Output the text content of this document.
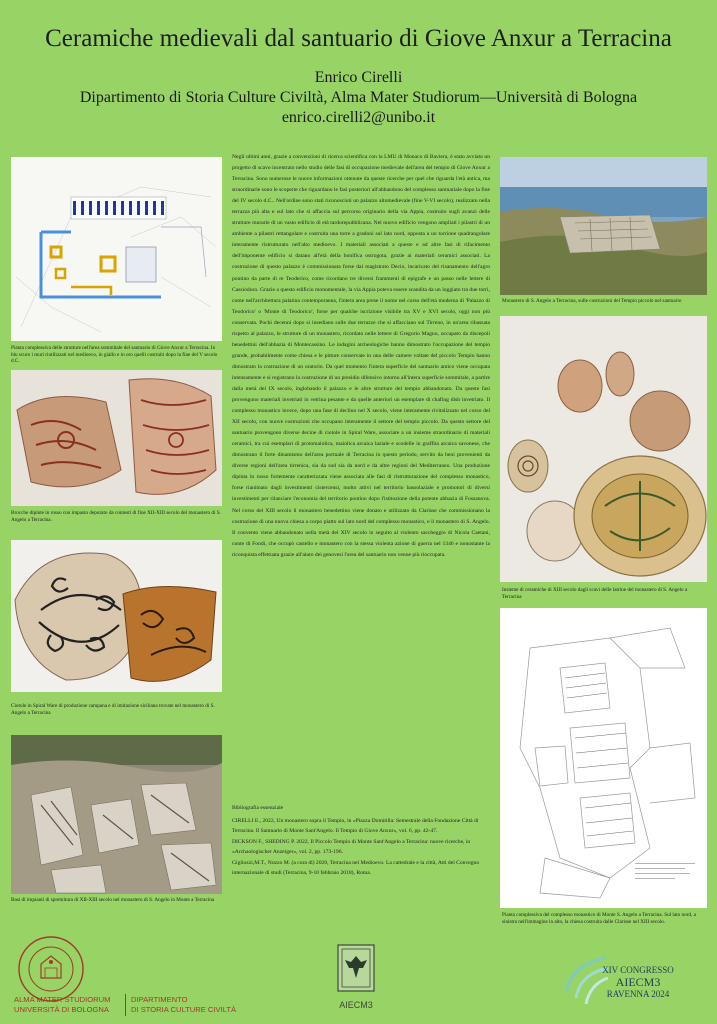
Ceramiche medievali dal santuario di Giove Anxur a Terracina
Enrico Cirelli
Dipartimento di Storia Culture Civiltà, Alma Mater Studiorum—Università di Bologna
enrico.cirelli2@unibo.it
Pianta complessiva delle strutture nell'area sommitale del santuario di Giove Anxur a Terracina. In blu scuro i muri riutilizzati nel medioevo, in giallo e in oro quelli costruiti dopo la fine del V secolo d.C.
Brocche dipinte in rosso con impasto depurato da contesti di fine XII-XIII secolo del monastero di S. Angelo a Terracina.
Ciotole in Spiral Ware di produzione campana e di imitazione siciliana trovate nel monastero di S. Angelo a Terracina
Basi di impianti di spremitura di XII-XIII secolo nel monastero di S. Angelo in Monte a Terracina

Negli ultimi anni, grazie a convenzioni di ricerca scientifica con la LMU di Monaco di Baviera, è stato avviato un progetto di scavo incentrato nello studio delle fasi di occupazione medievale dell'area del tempio di Giove Anxur a Terracina. Sono numerose le nuove informazioni ottenute da queste ricerche per quel che riguarda l'età antica, ma straordinarie sono le scoperte che riguardano le fasi posteriori all'abbandono del complesso santuariale dopo la fine del IV secolo d.C.. Nell'ordine sono stati riconosciuti un palazzo altomedievale (fine V-VI secolo), realizzato nella terrazza più alta e sul lato che si affaccia sul percorso originario della via Appia, costruito sugli avanzi delle strutture murarie di un vasto edificio di età tardorepubblicana. Nel nuovo edificio vengono ampliati i pilastri di un ambiente a pilastri rettangolare e costruita una torre a gradoni sul lato nord, opposta a un torrione quadrangolare interamente ristrutturato nell'alto medioevo. I materiali associati a queste e ad altre fasi di rifacimento dell'imponente edificio si datano all'età della bonifica ostrogota, grazie ai materiali ceramici associati. La costruzione di questo palazzo è commissionata forse dal magistrato Decio, incaricato del risanamento dell'agro pontino da parte di re Teoderico, come ricordano tre diversi frammenti di epigrafe e un passo nelle lettere di Cassiodoro. Grazie a questo edificio monumentale, la via Appia poteva essere scandita da un loggiato tra due torri, come nell'architettura palatina contemporanea, l'intera area prese il nome nel corso dell'età moderna di 'Palazzo di Teodorico' o 'Monte di Teodorico', forse per qualche iscrizione visibile tra XV e XVI secolo, oggi non più conservata. Pochi decenni dopo si insediano sulle due terrazze che si affacciano sul Tirreno, in un'area ribassata rispetto al palazzo, le strutture di un monastero, ricordato nelle lettere di Gregorio Magno, occupato da discepoli benedettini dell'abbazia di Montecassino. Le indagini archeologiche hanno dimostrato l'occupazione del tempio grande, probabilmente come chiesa e le pitture conservate in una delle camere voltate del piccolo Tempio hanno dimostrato la costruzione di un oratorio. Da quel momento l'intera superficie del santuario antico viene occupata intensamente e si registrano la costruzione di un presidio difensivo intorno all'intera superficie sommitale, a partire dalla metà del IX secolo, inglobando il palazzo e le altre strutture del tempio abbandonato. Da queste fasi provengono materiali invetriati in vetrina pesante e da quelle anteriori un esemplare di chafing dish invetriato. Il complesso monastico invece, dopo una fase di declino nel X secolo, viene interamente rivitalizzato nel corso del XII secolo, con nuove costruzioni che occupano interamente il settore del tempio piccolo. Da questo settore del santuario provengono diverse decine di ciotole in Spiral Ware, associate a un insieme straordinario di materiali ceramici, tra cui esemplari di protomaiolica, maiolica arcaica laziale e scodelle in graffita arcaica savonese, che dimostrano il forte dinamismo dell'area portuale di Terracina in questo periodo, servito da beni provenienti da diverse regioni dell'area tirrenica, sia da sud sia da nord e da altre regioni del Mediterraneo. Una produzione dipinta in rosso fortemente caratterizzata viene associata alle fasi di ristrutturazione del complesso monastico, forse rianimato dagli investimenti cistercensi, molto attivi nel territorio bassolaziale e promotori di diversi investimenti per rilanciare l'economia del territorio pontino dopo l'istituzione della potente abbazia di Fossanova. Nel corso del XIII secolo il monastero benedettino viene donato e utilizzato da Clarisse che commissionano la costruzione di una nuova chiesa a corpo piatto sul lato nord del complesso monastico, e il monastero di S. Angelo. Il convento viene abbandonato nella metà del XIV secolo in seguito al violento saccheggio di Nicola Caetani, conte di Fondi, che occupò castello e monastero con la stessa violenta azione di guerra nel 1346 e nonostante la riconquista effettuata grazie all'aiuto dei genovesi l'area del santuario non venne più rioccupata.

Bibliografia essenziale

CIRELLI E., 2022, Un monastero sopra il Tempio, in «Piazza Domitilla: Semestrale della Fondazione Città di Terracina. Il Santuario di Monte Sant'Angelo. Il Tempio di Giove Anxur», vol. 6, pp. 42-47.

DICKSON F., SHEDING P. 2022, Il Piccolo Tempio di Monte Sant'Angelo a Terracina: nuove ricerche, in «Archaologischer Anzeiger», vol. 2, pp. 173-196.

Gigliozzi,M.T., Nuzzo M. (a cura di) 2020, Terracina nel Medioevo. La cattedrale e la città, Atti del Convegno internazionale di studi (Terracina, 9-10 febbraio 2018), Roma.

Monastero di S. Angelo a Terracina, sulle costruzioni del Tempio piccolo nel santuario
Insieme di ceramiche di XIII secolo dagli scavi delle latrine del monastero di S. Angelo a Terracina
Pianta complessiva del complesso monastico di Monte S. Angelo a Terracina. Sul lato nord, a sinistra nell'immagine in alto, la chiesa costruita dalle Clarisse nel XIII secolo.
ALMA MATER STUDIORUM
UNIVERSITÀ DI BOLOGNA
DIPARTIMENTO
DI STORIA CULTURE CIVILTÀ	AIECM3
XIV CONGRESSO
AIECM3
RAVENNA 2024
